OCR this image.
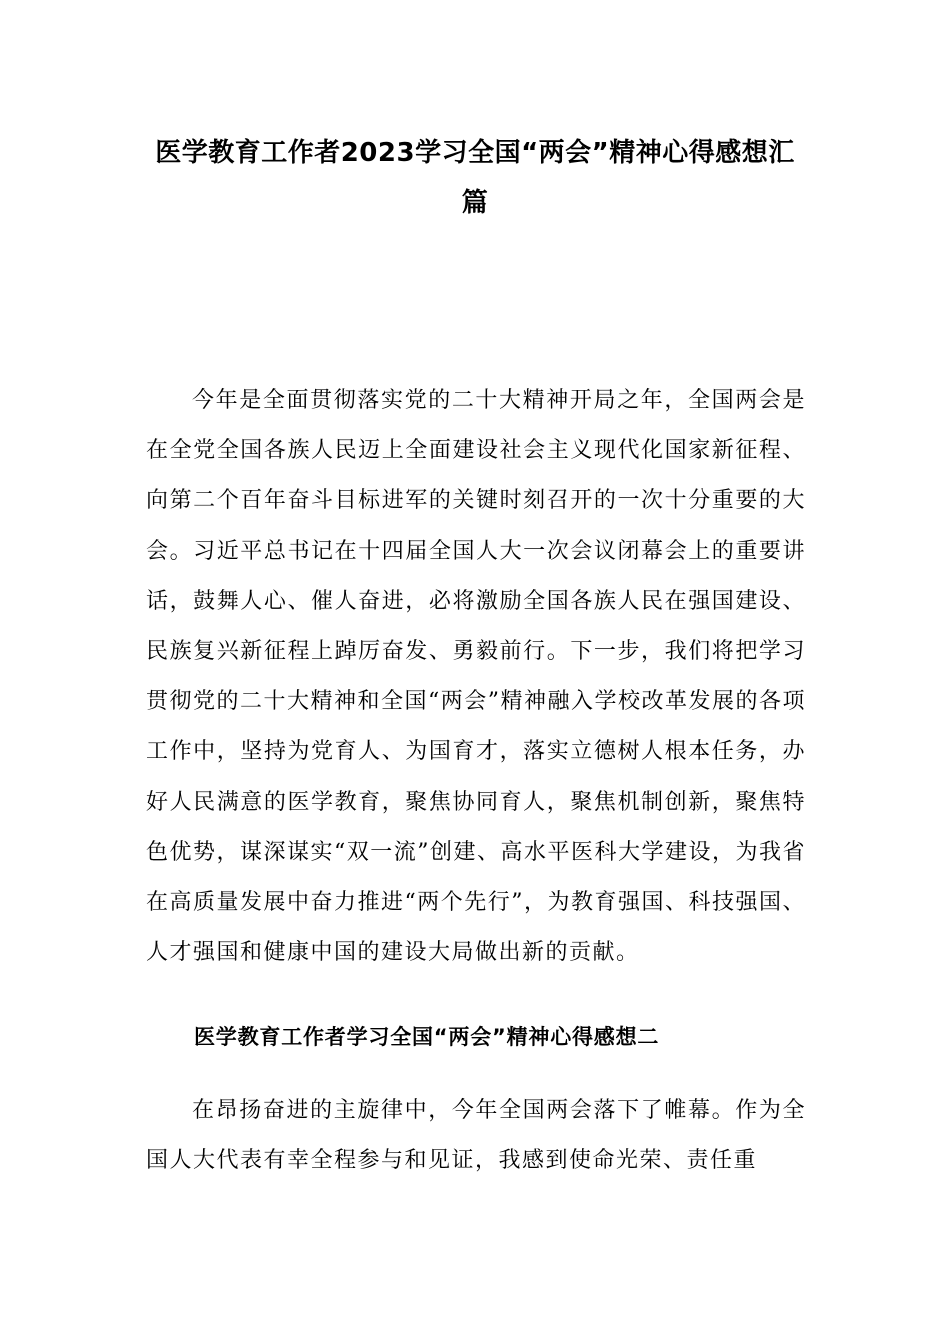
医学教育工作者2023学习全国“两会”精神心得感想汇篇

今年是全面贯彻落实党的二十大精神开局之年，全国两会是在全党全国各族人民迈上全面建设社会主义现代化国家新征程、向第二个百年奋斗目标进军的关键时刻召开的一次十分重要的大会。习近平总书记在十四届全国人大一次会议闭幕会上的重要讲话，鼓舞人心、催人奋进，必将激励全国各族人民在强国建设、民族复兴新征程上踔厉奋发、勇毅前行。下一步，我们将把学习贯彻党的二十大精神和全国“两会”精神融入学校改革发展的各项工作中，坚持为党育人、为国育才，落实立德树人根本任务，办好人民满意的医学教育，聚焦协同育人，聚焦机制创新，聚焦特色优势，谋深谋实“双一流”创建、高水平医科大学建设，为我省在高质量发展中奋力推进“两个先行”，为教育强国、科技强国、人才强国和健康中国的建设大局做出新的贡献。

医学教育工作者学习全国“两会”精神心得感想二

在昂扬奋进的主旋律中，今年全国两会落下了帷幕。作为全国人大代表有幸全程参与和见证，我感到使命光荣、责任重
